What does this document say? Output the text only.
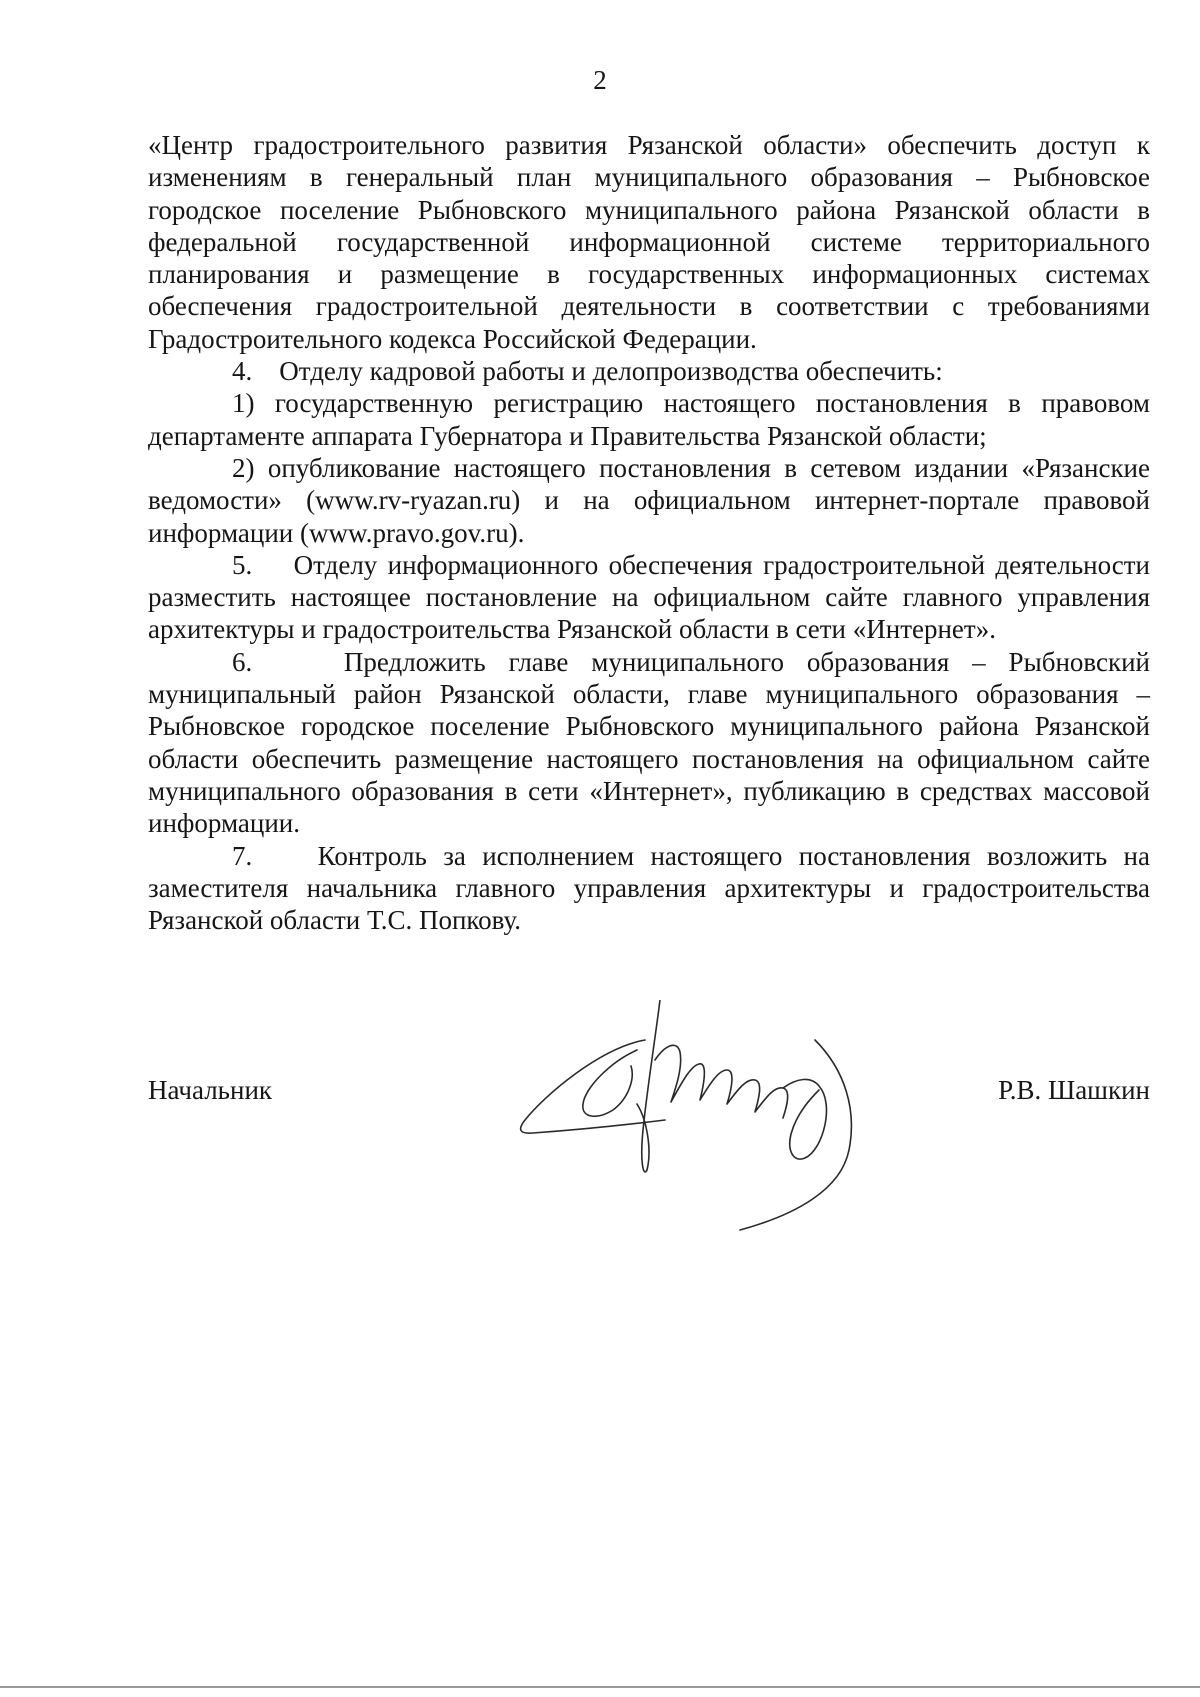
2

«Центр градостроительного развития Рязанской области» обеспечить доступ к изменениям в генеральный план муниципального образования – Рыбновское городское поселение Рыбновского муниципального района Рязанской области в федеральной государственной информационной системе территориального планирования и размещение в государственных информационных системах обеспечения градостроительной деятельности в соответствии с требованиями Градостроительного кодекса Российской Федерации.

4.    Отделу кадровой работы и делопроизводства обеспечить:

1) государственную регистрацию настоящего постановления в правовом департаменте аппарата Губернатора и Правительства Рязанской области;

2) опубликование настоящего постановления в сетевом издании «Рязанские ведомости» (www.rv-ryazan.ru) и на официальном интернет-портале правовой информации (www.pravo.gov.ru).

5.    Отделу информационного обеспечения градостроительной деятельности разместить настоящее постановление на официальном сайте главного управления архитектуры и градостроительства Рязанской области в сети «Интернет».

6.    Предложить главе муниципального образования – Рыбновский муниципальный район Рязанской области, главе муниципального образования – Рыбновское городское поселение Рыбновского муниципального района Рязанской области обеспечить размещение настоящего постановления на официальном сайте муниципального образования в сети «Интернет», публикацию в средствах массовой информации.

7.    Контроль за исполнением настоящего постановления возложить на заместителя начальника главного управления архитектуры и градостроительства Рязанской области Т.С. Попкову.

Начальник	Р.В. Шашкин
